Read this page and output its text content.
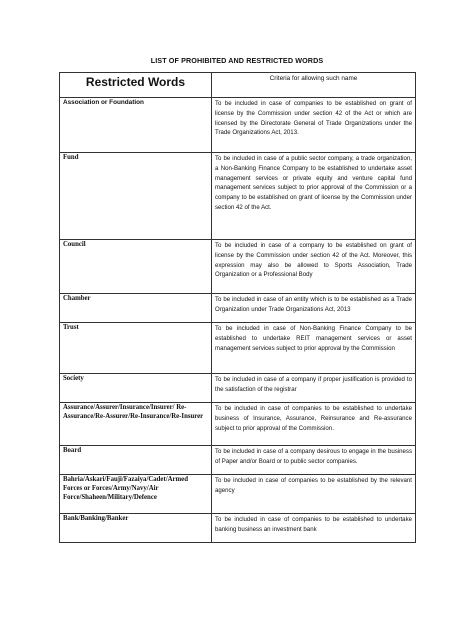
LIST OF PROHIBITED AND RESTRICTED WORDS
Restricted Words	Criteria for allowing such name
Association or Foundation	To be included in case of companies to be established on grant of license by the Commission under section 42 of the Act or which are licensed by the Directorate General of Trade Organizations under the Trade Organizations Act, 2013.
Fund	To be included in case of a public sector company, a trade organization, a Non-Banking Finance Company to be established to undertake asset management services or private equity and venture capital fund management services subject to prior approval of the Commission or a company to be established on grant of license by the Commission under section 42 of the Act.
Council	To be included in case of a company to be established on grant of license by the Commission under section 42 of the Act. Moreover, this expression may also be allowed to Sports Association, Trade Organization or a Professional Body
Chamber	To be included in case of an entity which is to be established as a Trade Organization under Trade Organizations Act, 2013
Trust	To be included in case of Non-Banking Finance Company to be established to undertake REIT management services or asset management services subject to prior approval by the Commission
Society	To be included in case of a company if proper justification is provided to the satisfaction of the registrar
Assurance/Assurer/Insurance/Insurer/ Re-Assurance/Re-Assurer/Re-Insurance/Re-Insurer	To be included in case of companies to be established to undertake business of Insurance, Assurance, Reinsurance and Re-assurance subject to prior approval of the Commission.
Board	To be included in case of a company desirous to engage in the business of Paper and/or Board or to public sector companies.
Bahria/Askari/Fauji/Fazaiya/Cadet/Armed Forces or Forces/Army/Navy/Air Force/Shaheen/Military/Defence	To be included in case of companies to be established by the relevant agency
Bank/Banking/Banker	To be included in case of companies to be established to undertake banking business an investment bank
